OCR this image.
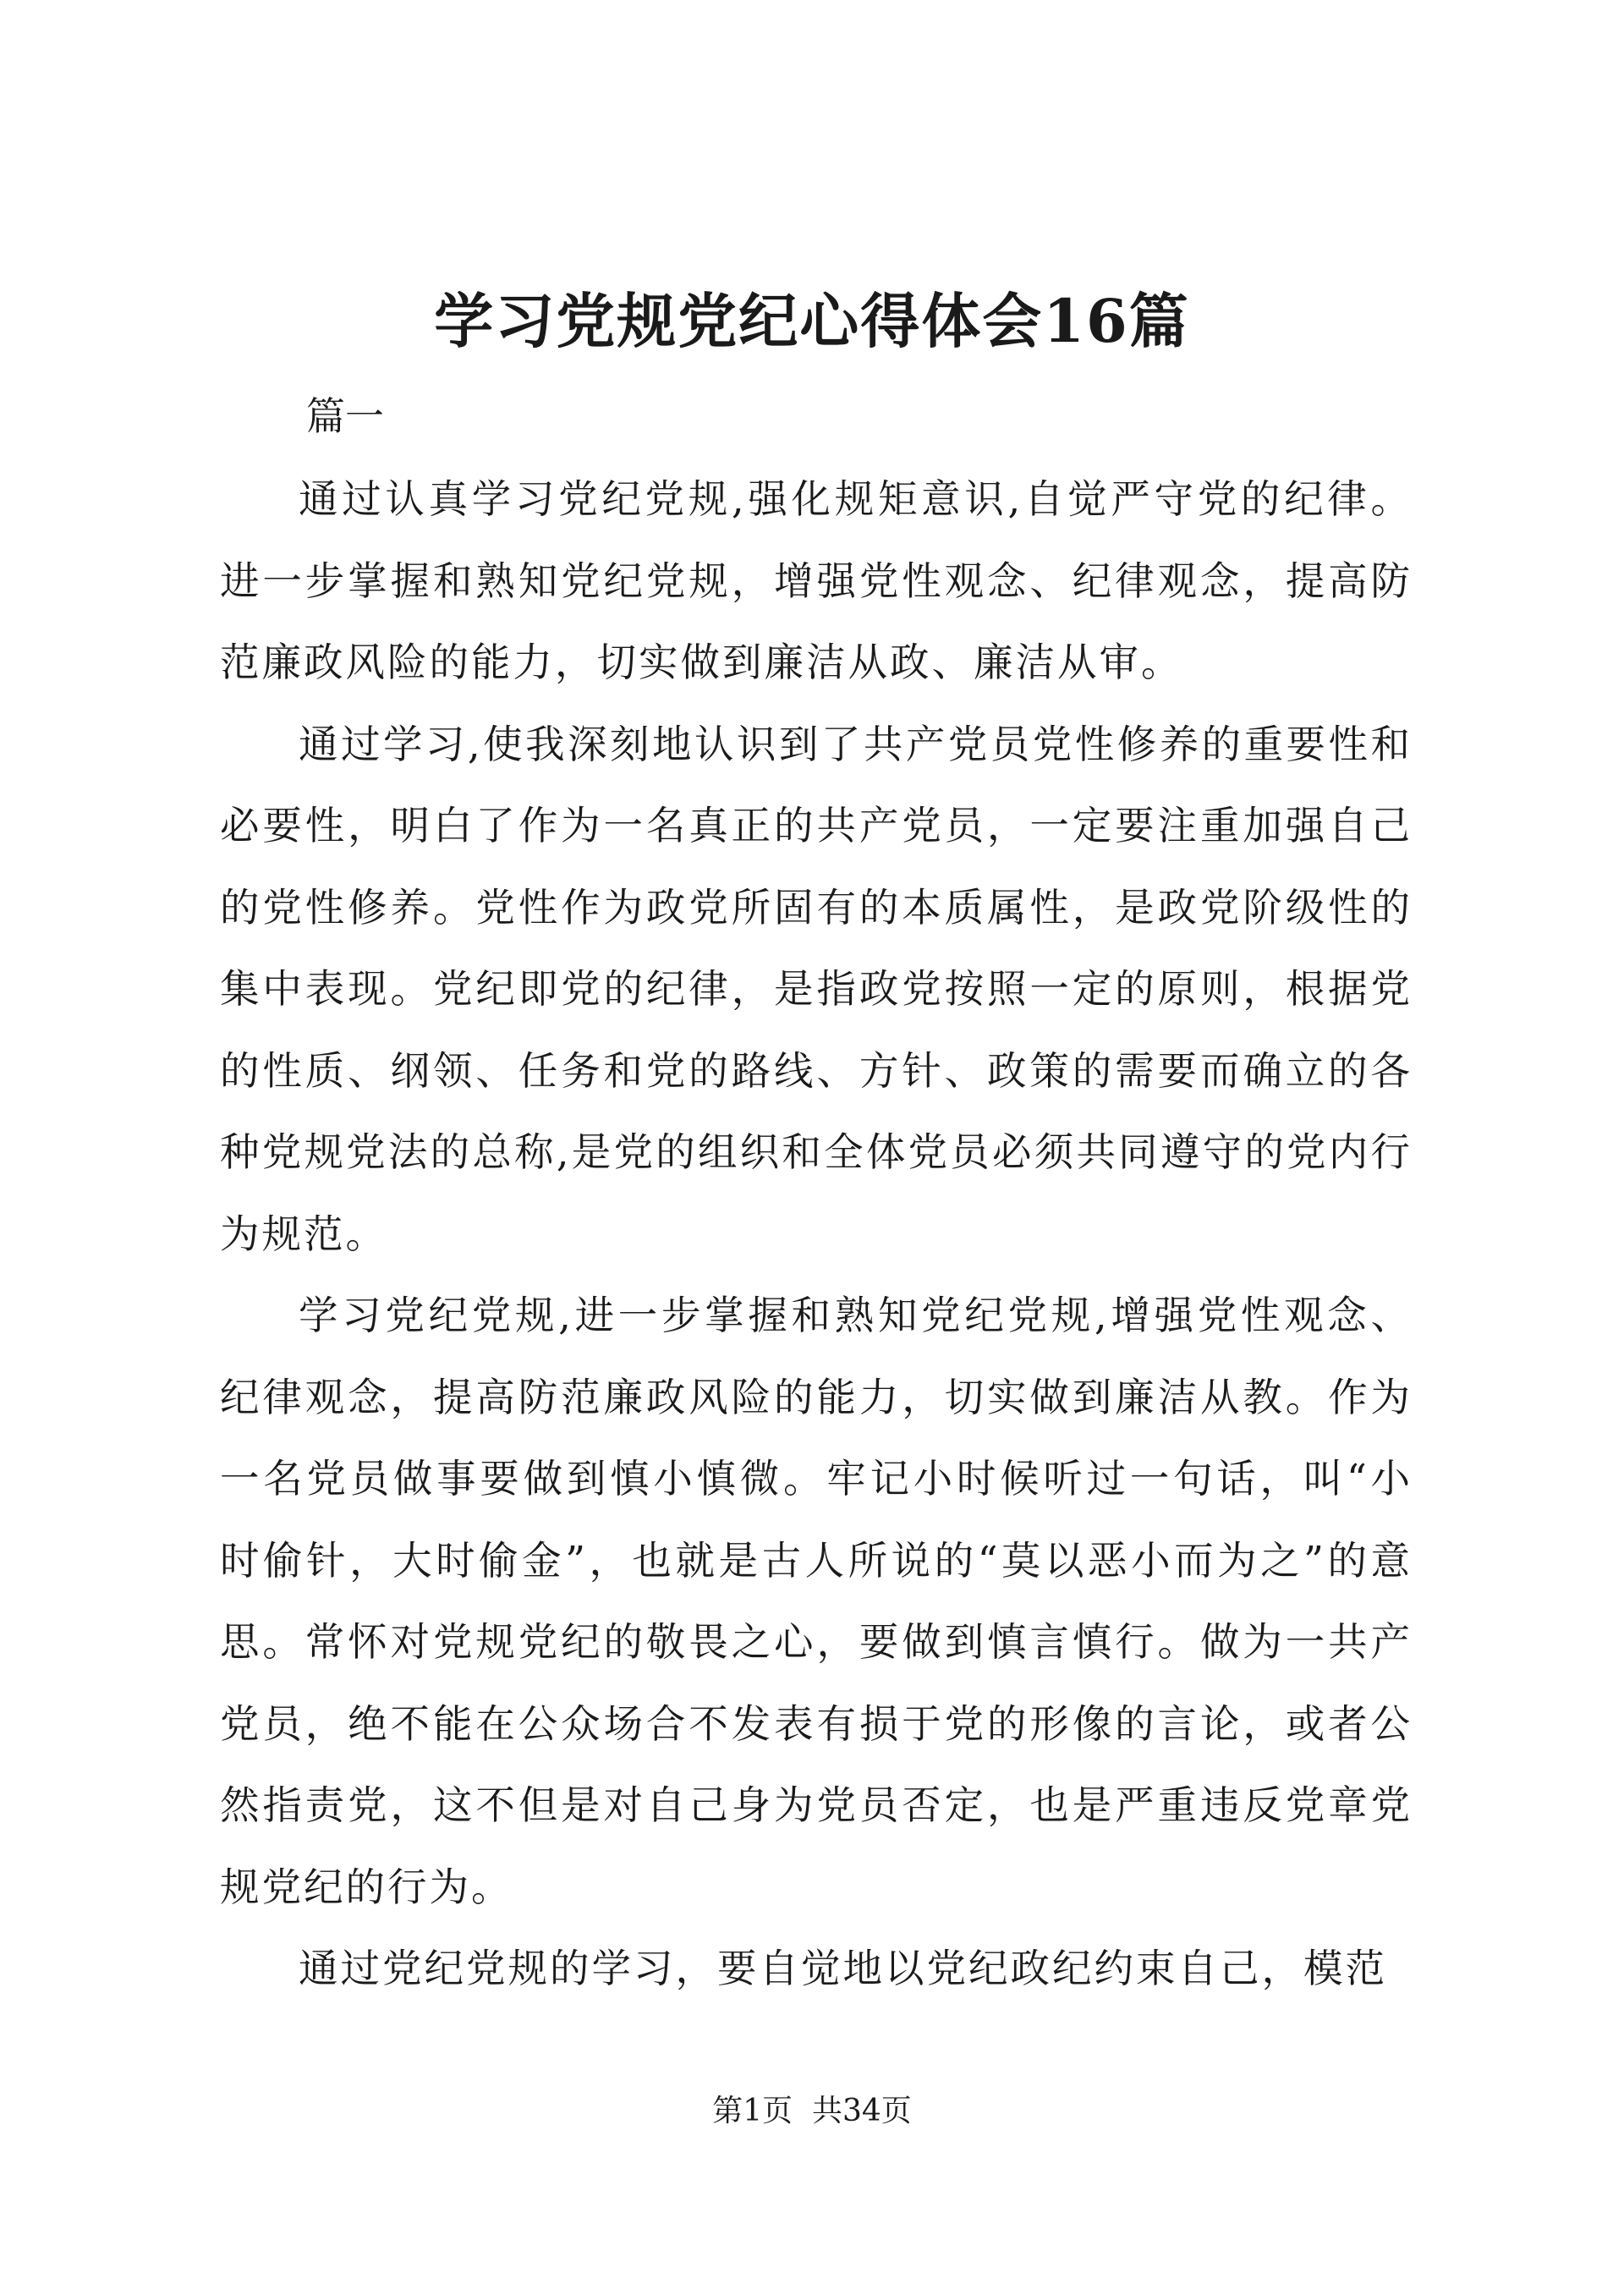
学习党规党纪心得体会16篇
篇一

通过认真学习党纪党规,强化规矩意识,自觉严守党的纪律。进一步掌握和熟知党纪党规，增强党性观念、纪律观念，提高防范廉政风险的能力，切实做到廉洁从政、廉洁从审。

通过学习,使我深刻地认识到了共产党员党性修养的重要性和必要性，明白了作为一名真正的共产党员，一定要注重加强自己的党性修养。党性作为政党所固有的本质属性，是政党阶级性的集中表现。党纪即党的纪律，是指政党按照一定的原则，根据党的性质、纲领、任务和党的路线、方针、政策的需要而确立的各种党规党法的总称,是党的组织和全体党员必须共同遵守的党内行为规范。

学习党纪党规,进一步掌握和熟知党纪党规,增强党性观念、纪律观念，提高防范廉政风险的能力，切实做到廉洁从教。作为一名党员做事要做到慎小慎微。牢记小时候听过一句话，叫“小时偷针，大时偷金”，也就是古人所说的“莫以恶小而为之”的意思。常怀对党规党纪的敬畏之心，要做到慎言慎行。做为一共产党员，绝不能在公众场合不发表有损于党的形像的言论，或者公然指责党，这不但是对自己身为党员否定，也是严重违反党章党规党纪的行为。

通过党纪党规的学习，要自觉地以党纪政纪约束自己，模范

第1页  共34页
